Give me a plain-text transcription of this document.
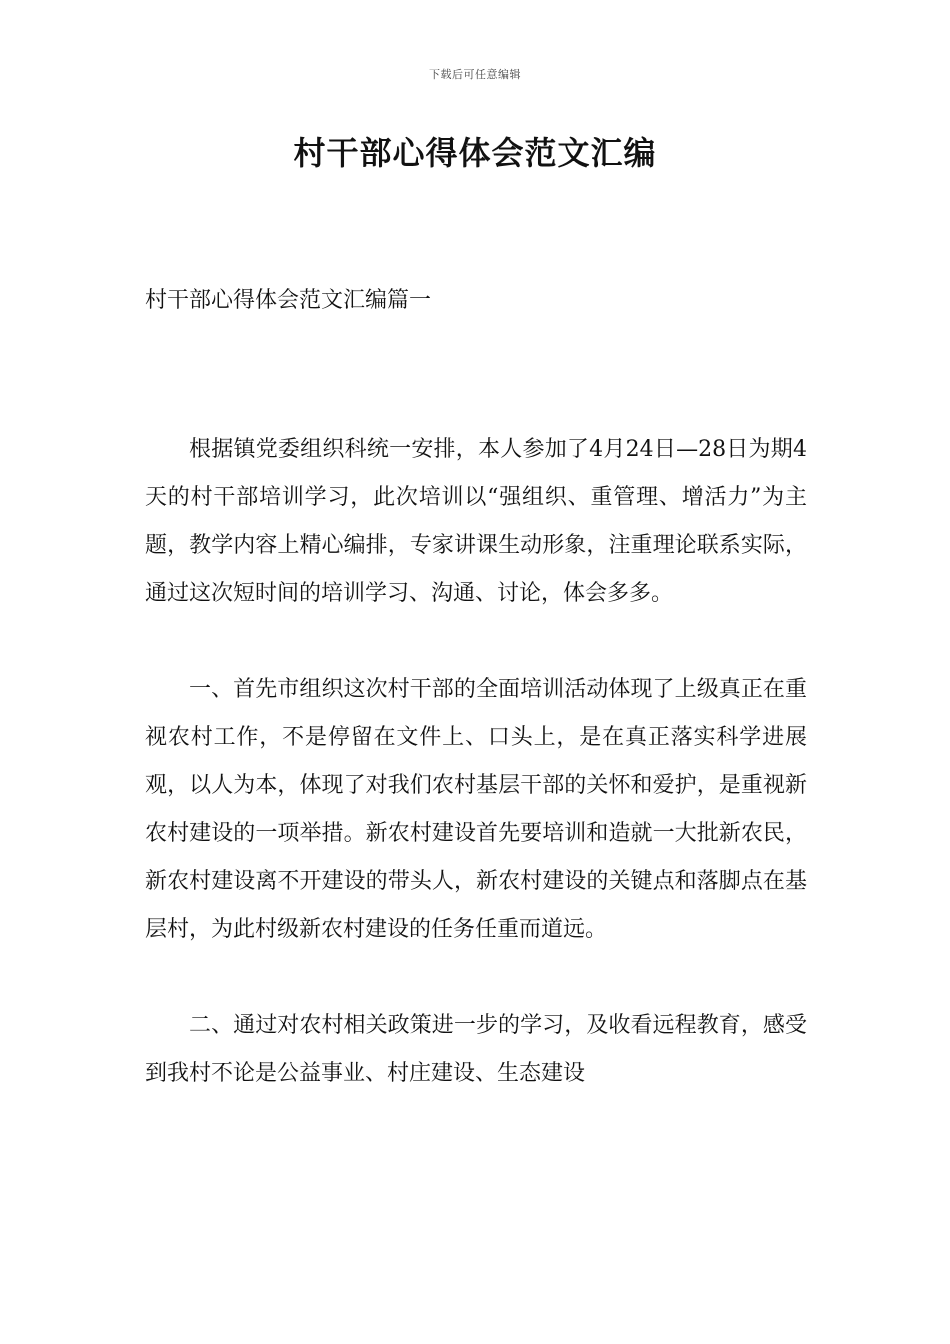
下载后可任意编辑
村干部心得体会范文汇编
村干部心得体会范文汇编篇一

根据镇党委组织科统一安排，本人参加了4月24日—28日为期4天的村干部培训学习，此次培训以“强组织、重管理、增活力”为主题，教学内容上精心编排，专家讲课生动形象，注重理论联系实际，通过这次短时间的培训学习、沟通、讨论，体会多多。

一、首先市组织这次村干部的全面培训活动体现了上级真正在重视农村工作，不是停留在文件上、口头上，是在真正落实科学进展观，以人为本，体现了对我们农村基层干部的关怀和爱护，是重视新农村建设的一项举措。新农村建设首先要培训和造就一大批新农民，新农村建设离不开建设的带头人，新农村建设的关键点和落脚点在基层村，为此村级新农村建设的任务任重而道远。

二、通过对农村相关政策进一步的学习，及收看远程教育，感受到我村不论是公益事业、村庄建设、生态建设
